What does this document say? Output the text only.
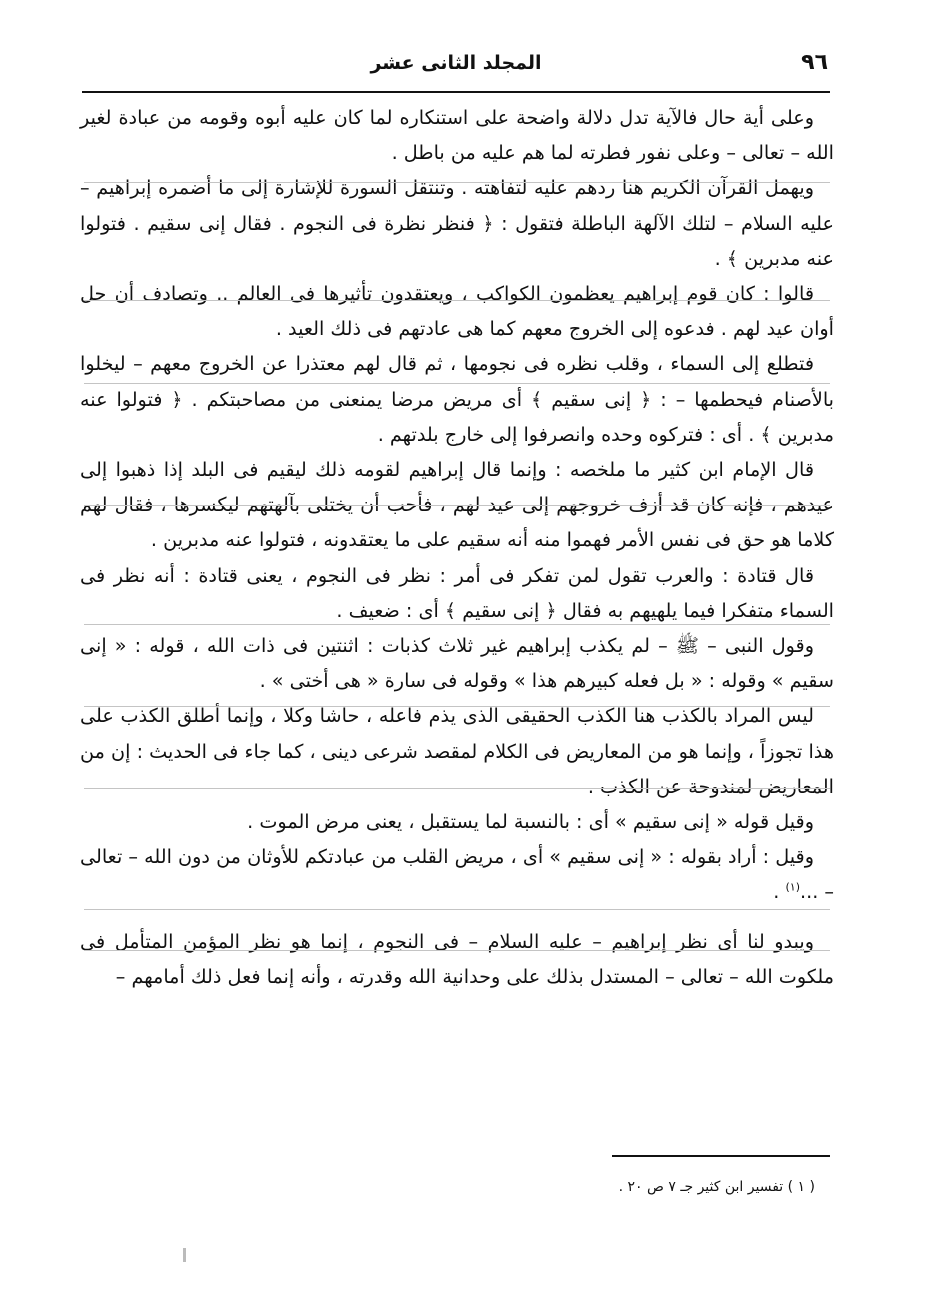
٩٦
المجلد الثانى عشر

وعلى أية حال فالآية تدل دلالة واضحة على استنكاره لما كان عليه أبوه وقومه من عبادة لغير الله – تعالى – وعلى نفور فطرته لما هم عليه من باطل .

ويهمل القرآن الكريم هنا ردهم عليه لتفاهته . وتنتقل السورة للإشارة إلى ما أضمره إبراهيم – عليه السلام – لتلك الآلهة الباطلة فتقول : ﴿ فنظر نظرة فى النجوم . فقال إنى سقيم . فتولوا عنه مدبرين ﴾ .

قالوا : كان قوم إبراهيم يعظمون الكواكب ، ويعتقدون تأثيرها فى العالم .. وتصادف أن حل أوان عيد لهم . فدعوه إلى الخروج معهم كما هى عادتهم فى ذلك العيد .

فتطلع إلى السماء ، وقلب نظره فى نجومها ، ثم قال لهم معتذرا عن الخروج معهم – ليخلوا بالأصنام فيحطمها – : ﴿ إنى سقيم ﴾ أى مريض مرضا يمنعنى من مصاحبتكم . ﴿ فتولوا عنه مدبرين ﴾ . أى : فتركوه وحده وانصرفوا إلى خارج بلدتهم .

قال الإمام ابن كثير ما ملخصه : وإنما قال إبراهيم لقومه ذلك ليقيم فى البلد إذا ذهبوا إلى عيدهم ، فإنه كان قد أزف خروجهم إلى عيد لهم ، فأحب أن يختلى بآلهتهم ليكسرها ، فقال لهم كلاما هو حق فى نفس الأمر فهموا منه أنه سقيم على ما يعتقدونه ، فتولوا عنه مدبرين .

قال قتادة : والعرب تقول لمن تفكر فى أمر : نظر فى النجوم ، يعنى قتادة : أنه نظر فى السماء متفكرا فيما يلهيهم به فقال ﴿ إنى سقيم ﴾ أى : ضعيف .

وقول النبى – ﷺ – لم يكذب إبراهيم غير ثلاث كذبات : اثنتين فى ذات الله ، قوله : « إنى سقيم » وقوله : « بل فعله كبيرهم هذا » وقوله فى سارة « هى أختى » .

ليس المراد بالكذب هنا الكذب الحقيقى الذى يذم فاعله ، حاشا وكلا ، وإنما أطلق الكذب على هذا تجوزاً ، وإنما هو من المعاريض فى الكلام لمقصد شرعى دينى ، كما جاء فى الحديث : إن من المعاريض لمندوحة عن الكذب .

وقيل قوله « إنى سقيم » أى : بالنسبة لما يستقبل ، يعنى مرض الموت .

وقيل : أراد بقوله : « إنى سقيم » أى ، مريض القلب من عبادتكم للأوثان من دون الله – تعالى – ...$^{(١)}$ .

ويبدو لنا أى نظر إبراهيم – عليه السلام – فى النجوم ، إنما هو نظر المؤمن المتأمل فى ملكوت الله – تعالى – المستدل بذلك على وحدانية الله وقدرته ، وأنه إنما فعل ذلك أمامهم –

( ١ ) تفسير ابن كثير جـ ٧ ص ٢٠ .
